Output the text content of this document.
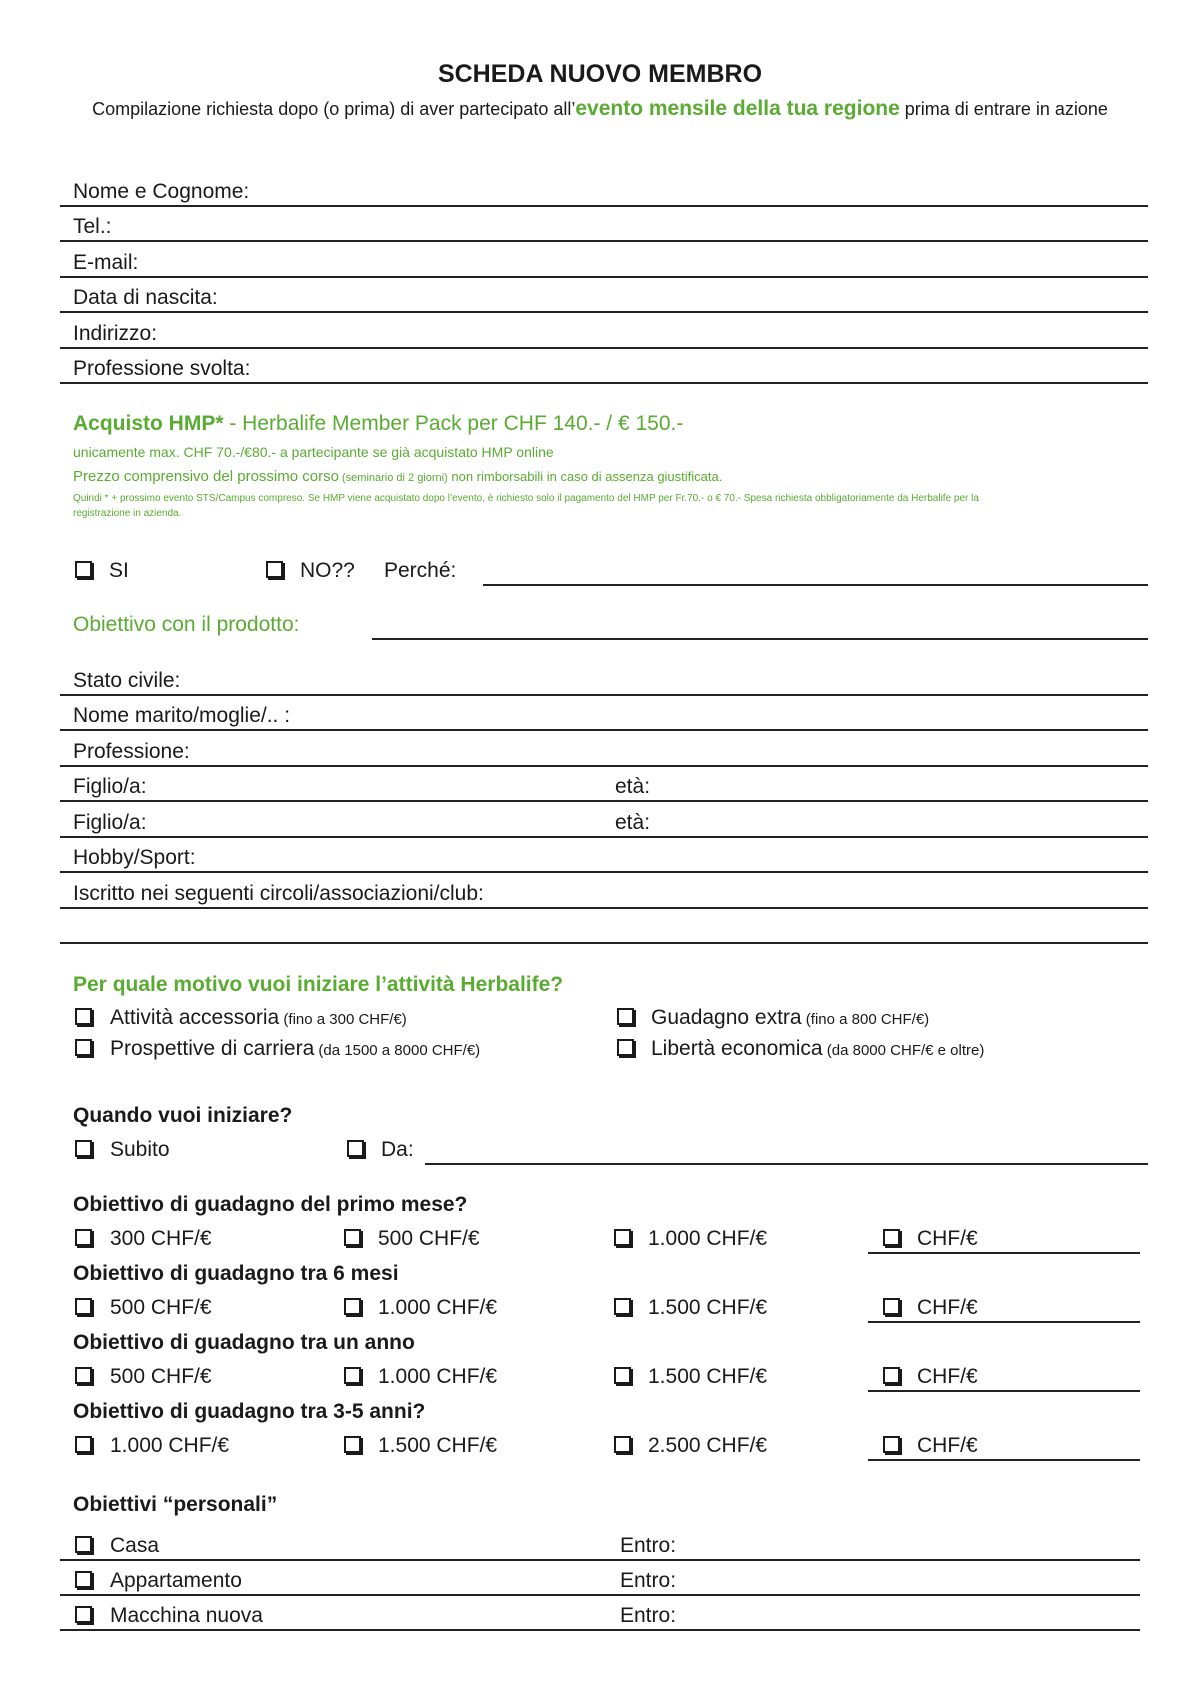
SCHEDA NUOVO MEMBRO
Compilazione richiesta dopo (o prima) di aver partecipato all’evento mensile della tua regione prima di entrare in azione
Nome e Cognome:
Tel.:
E-mail:
Data di nascita:
Indirizzo:
Professione svolta:
Acquisto HMP* - Herbalife Member Pack per CHF 140.- / € 150.-
unicamente max. CHF 70.-/€80.- a partecipante se già acquistato HMP online
Prezzo comprensivo del prossimo corso (seminario di 2 giorni) non rimborsabili in caso di assenza giustificata.
Quindi * + prossimo evento STS/Campus compreso. Se HMP viene acquistato dopo l’evento, è richiesto solo il pagamento del HMP per Fr.70.- o € 70.- Spesa richiesta obbligatoriamente da Herbalife per la
registrazione in azienda.
SI	NO?? Perché:
Obiettivo con il prodotto:
Stato civile:
Nome marito/moglie/.. :
Professione:
Figlio/a:	età:
Figlio/a:	età:
Hobby/Sport:
Iscritto nei seguenti circoli/associazioni/club:
Per quale motivo vuoi iniziare l’attività Herbalife?
Attività accessoria (fino a 300 CHF/€)	Guadagno extra (fino a 800 CHF/€)
Prospettive di carriera (da 1500 a 8000 CHF/€)	Libertà economica (da 8000 CHF/€ e oltre)
Quando vuoi iniziare?
Subito	Da:
Obiettivo di guadagno del primo mese?
300 CHF/€	500 CHF/€	1.000 CHF/€	CHF/€
Obiettivo di guadagno tra 6 mesi
500 CHF/€	1.000 CHF/€	1.500 CHF/€	CHF/€
Obiettivo di guadagno tra un anno
500 CHF/€	1.000 CHF/€	1.500 CHF/€	CHF/€
Obiettivo di guadagno tra 3-5 anni?
1.000 CHF/€	1.500 CHF/€	2.500 CHF/€	CHF/€
Obiettivi “personali”
Casa	Entro:
Appartamento	Entro:
Macchina nuova	Entro:
